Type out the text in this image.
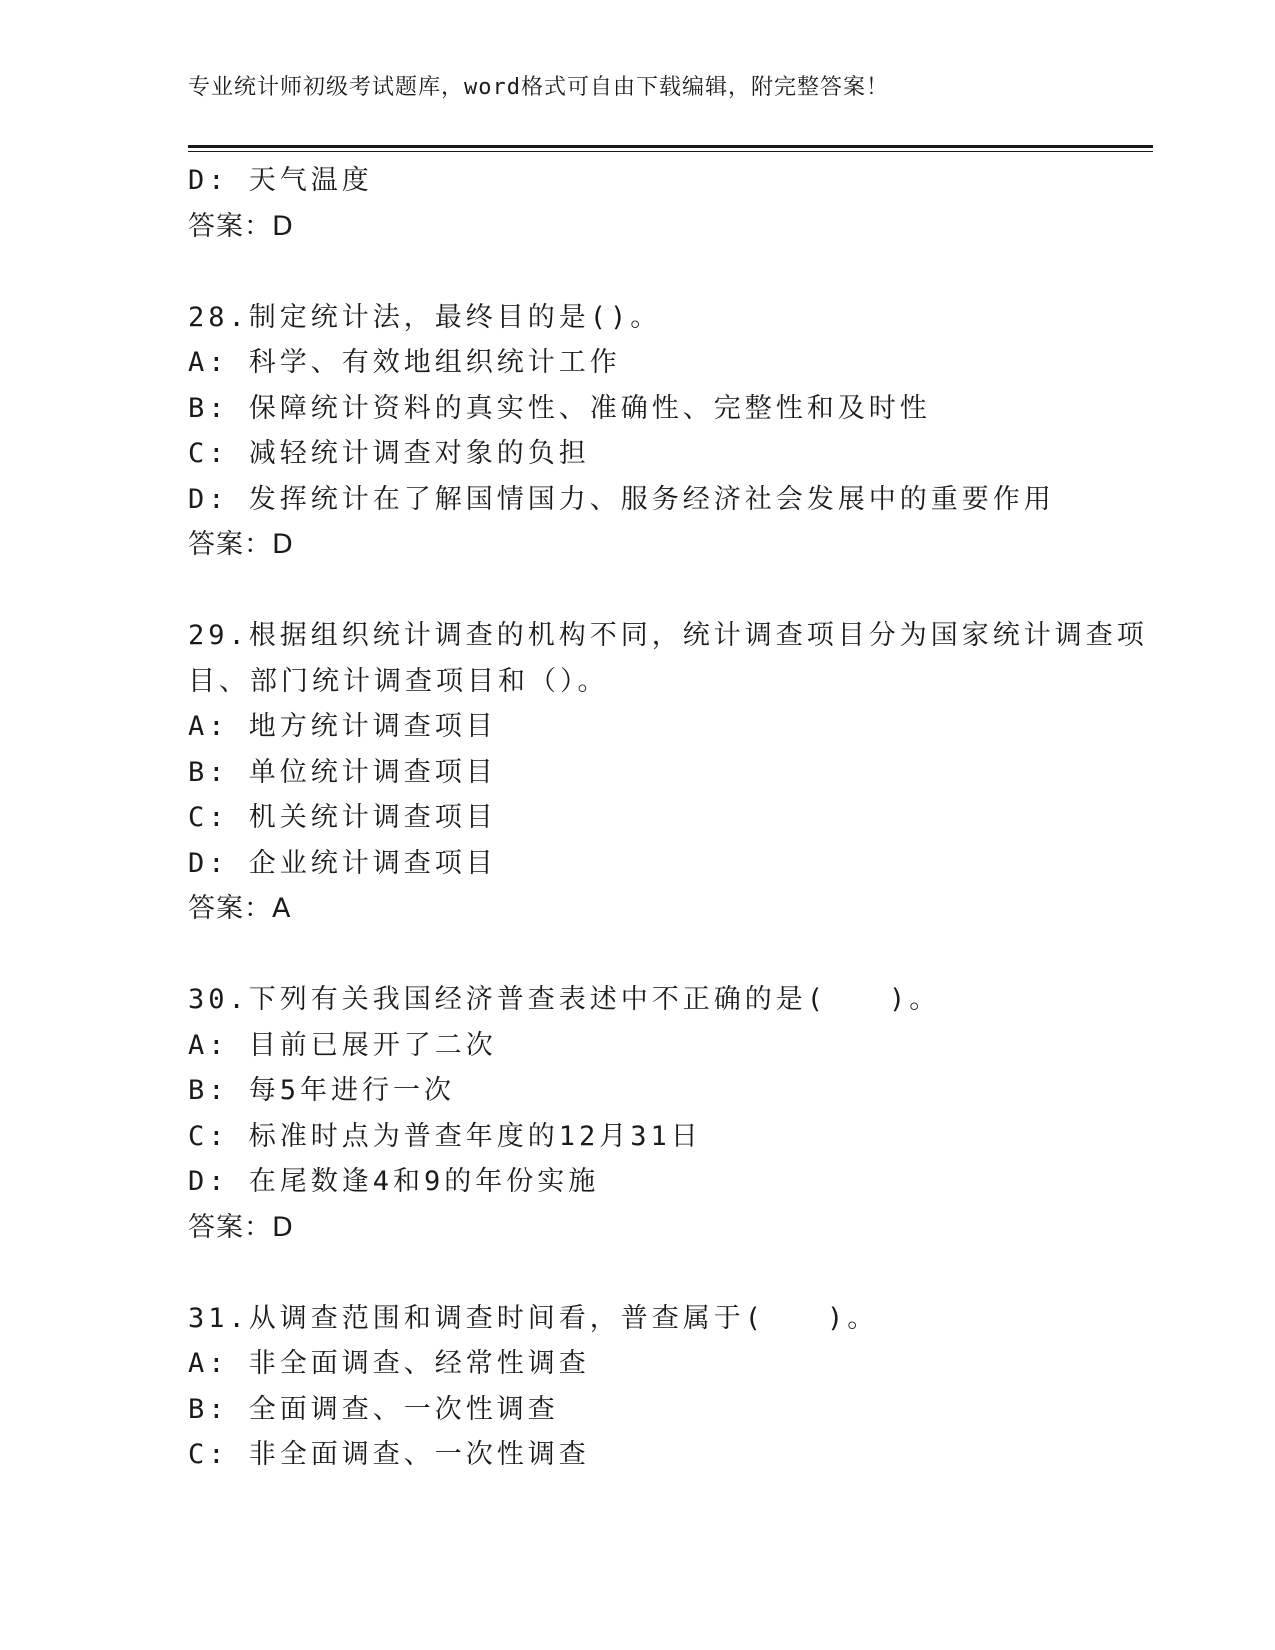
专业统计师初级考试题库，word格式可自由下载编辑，附完整答案！
D: 天气温度
答案：D
28.制定统计法，最终目的是()。
A: 科学、有效地组织统计工作
B: 保障统计资料的真实性、准确性、完整性和及时性
C: 减轻统计调查对象的负担
D: 发挥统计在了解国情国力、服务经济社会发展中的重要作用
答案：D
29.根据组织统计调查的机构不同，统计调查项目分为国家统计调查项
目、部门统计调查项目和（）。
A: 地方统计调查项目
B: 单位统计调查项目
C: 机关统计调查项目
D: 企业统计调查项目
答案：A
30.下列有关我国经济普查表述中不正确的是(　　)。
A: 目前已展开了二次
B: 每5年进行一次
C: 标准时点为普查年度的12月31日
D: 在尾数逢4和9的年份实施
答案：D
31.从调查范围和调查时间看，普查属于(　　)。
A: 非全面调查、经常性调查
B: 全面调查、一次性调查
C: 非全面调查、一次性调查
